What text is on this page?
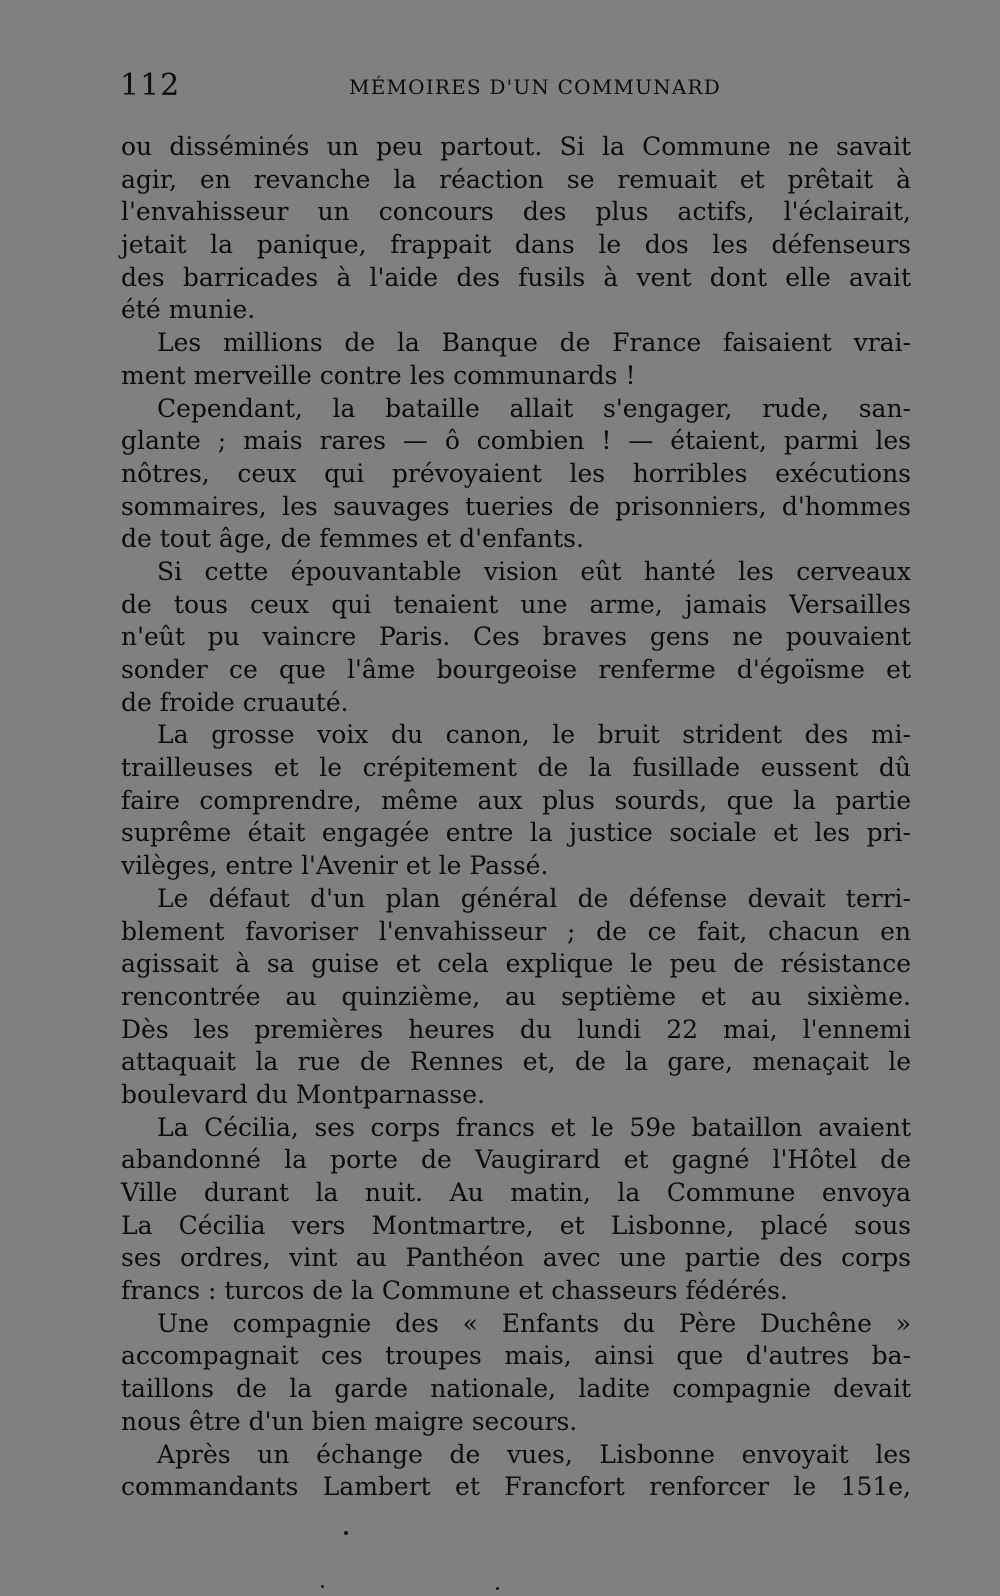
112	MÉMOIRES D'UN COMMUNARD
ou disséminés un peu partout. Si la Commune ne savait
agir, en revanche la réaction se remuait et prêtait à
l'envahisseur un concours des plus actifs, l'éclairait,
jetait la panique, frappait dans le dos les défenseurs
des barricades à l'aide des fusils à vent dont elle avait
été munie.
Les millions de la Banque de France faisaient vrai-
ment merveille contre les communards !
Cependant, la bataille allait s'engager, rude, san-
glante ; mais rares — ô combien ! — étaient, parmi les
nôtres, ceux qui prévoyaient les horribles exécutions
sommaires, les sauvages tueries de prisonniers, d'hommes
de tout âge, de femmes et d'enfants.
Si cette épouvantable vision eût hanté les cerveaux
de tous ceux qui tenaient une arme, jamais Versailles
n'eût pu vaincre Paris. Ces braves gens ne pouvaient
sonder ce que l'âme bourgeoise renferme d'égoïsme et
de froide cruauté.
La grosse voix du canon, le bruit strident des mi-
trailleuses et le crépitement de la fusillade eussent dû
faire comprendre, même aux plus sourds, que la partie
suprême était engagée entre la justice sociale et les pri-
vilèges, entre l'Avenir et le Passé.
Le défaut d'un plan général de défense devait terri-
blement favoriser l'envahisseur ; de ce fait, chacun en
agissait à sa guise et cela explique le peu de résistance
rencontrée au quinzième, au septième et au sixième.
Dès les premières heures du lundi 22 mai, l'ennemi
attaquait la rue de Rennes et, de la gare, menaçait le
boulevard du Montparnasse.
La Cécilia, ses corps francs et le 59e bataillon avaient
abandonné la porte de Vaugirard et gagné l'Hôtel de
Ville durant la nuit. Au matin, la Commune envoya
La Cécilia vers Montmartre, et Lisbonne, placé sous
ses ordres, vint au Panthéon avec une partie des corps
francs : turcos de la Commune et chasseurs fédérés.
Une compagnie des « Enfants du Père Duchêne »
accompagnait ces troupes mais, ainsi que d'autres ba-
taillons de la garde nationale, ladite compagnie devait
nous être d'un bien maigre secours.
Après un échange de vues, Lisbonne envoyait les
commandants Lambert et Francfort renforcer le 151e,
